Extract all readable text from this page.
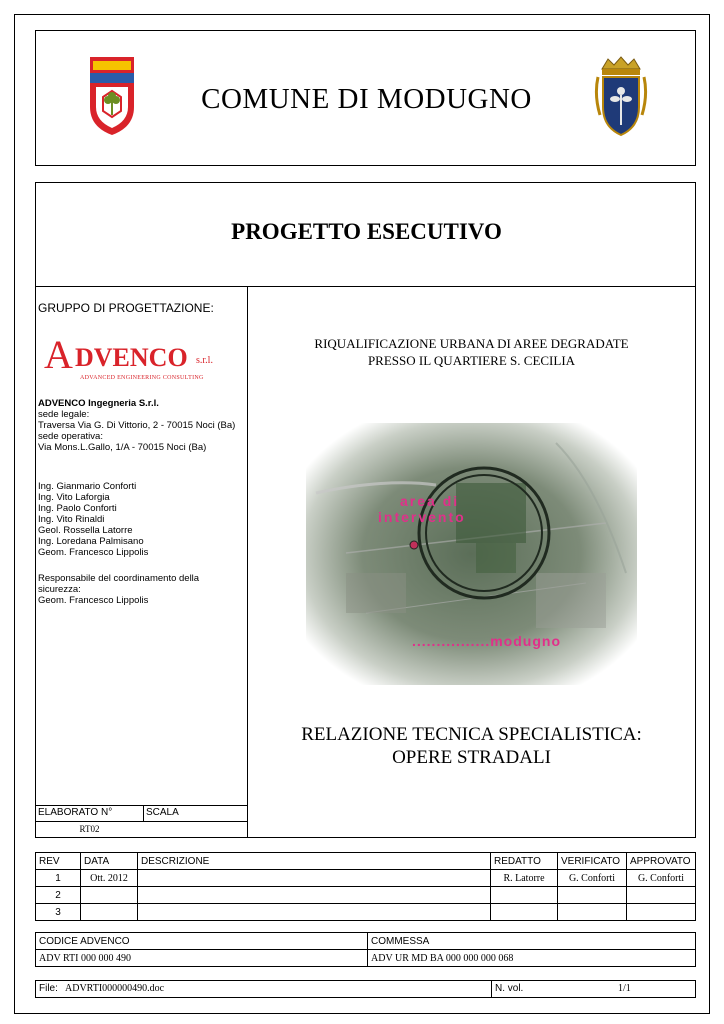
COMUNE DI MODUGNO
PROGETTO ESECUTIVO
GRUPPO DI PROGETTAZIONE:
A DVENCO s.r.l.
ADVANCED ENGINEERING CONSULTING
ADVENCO Ingegneria S.r.l.
sede legale:
Traversa Via G. Di Vittorio, 2 - 70015 Noci (Ba)
sede operativa:
Via Mons.L.Gallo, 1/A - 70015 Noci (Ba)
Ing. Gianmario Conforti
Ing. Vito Laforgia
Ing. Paolo Conforti
Ing. Vito Rinaldi
Geol. Rossella Latorre
Ing. Loredana Palmisano
Geom. Francesco Lippolis
Responsabile del coordinamento della
sicurezza:
Geom. Francesco Lippolis
RIQUALIFICAZIONE URBANA DI AREE DEGRADATE
PRESSO IL QUARTIERE S. CECILIA
area di
intervento
................modugno
RELAZIONE TECNICA SPECIALISTICA:
OPERE STRADALI
ELABORATO N°	SCALA
RT02
REV	DATA	DESCRIZIONE	REDATTO	VERIFICATO	APPROVATO
1	Ott. 2012		R. Latorre	G. Conforti	G. Conforti
2					
3					
CODICE ADVENCO	COMMESSA
ADV RTI 000 000 490	ADV UR MD BA 000 000 000 068
File: ADVRTI000000490.doc	N. vol.	1/1
